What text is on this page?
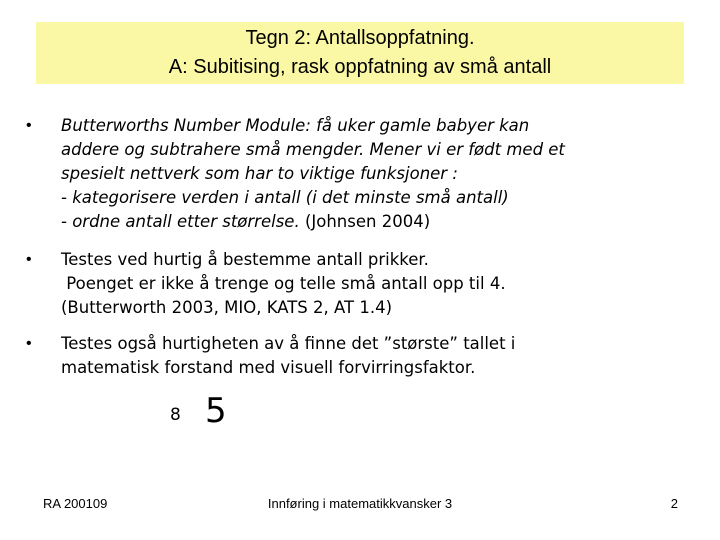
Tegn 2: Antallsoppfatning.
A: Subitising, rask oppfatning av små antall
• Butterworths Number Module: få uker gamle babyer kan
addere og subtrahere små mengder. Mener vi er født med et
spesielt nettverk som har to viktige funksjoner :
- kategorisere verden i antall (i det minste små antall)
- ordne antall etter størrelse. (Johnsen 2004)
• Testes ved hurtig å bestemme antall prikker.
Poenget er ikke å trenge og telle små antall opp til 4.
(Butterworth 2003, MIO, KATS 2, AT 1.4)
• Testes også hurtigheten av å finne det ”største” tallet i
matematisk forstand med visuell forvirringsfaktor.
8 5
RA 200109	Innføring i matematikkvansker 3	2
